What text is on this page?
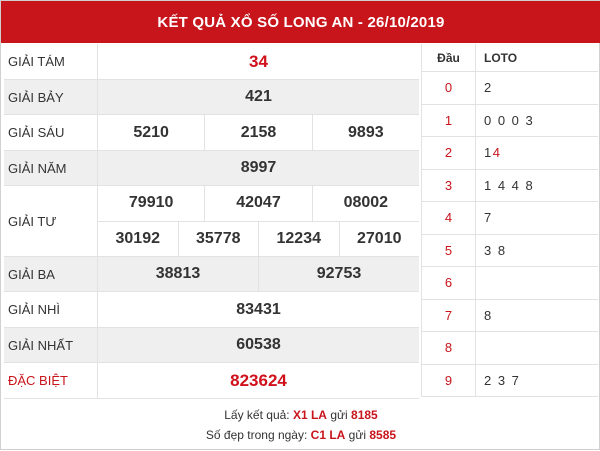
KẾT QUẢ XỔ SỐ LONG AN - 26/10/2019
GIẢI TÁM	34
GIẢI BẢY	421
GIẢI SÁU	5210	2158	9893
GIẢI NĂM	8997
GIẢI TƯ
79910	42047	08002
30192	35778	12234	27010
GIẢI BA	38813	92753
GIẢI NHÌ	83431
GIẢI NHẤT	60538
ĐẶC BIỆT	823624
Đầu	LOTO
0	2
1	0 0 0 3
2	1 4
3	1 4 4 8
4	7
5	3 8
6
7	8
8
9	2 3 7
Lấy kết quả: X1 LA gửi 8185
Số đẹp trong ngày: C1 LA gửi 8585
